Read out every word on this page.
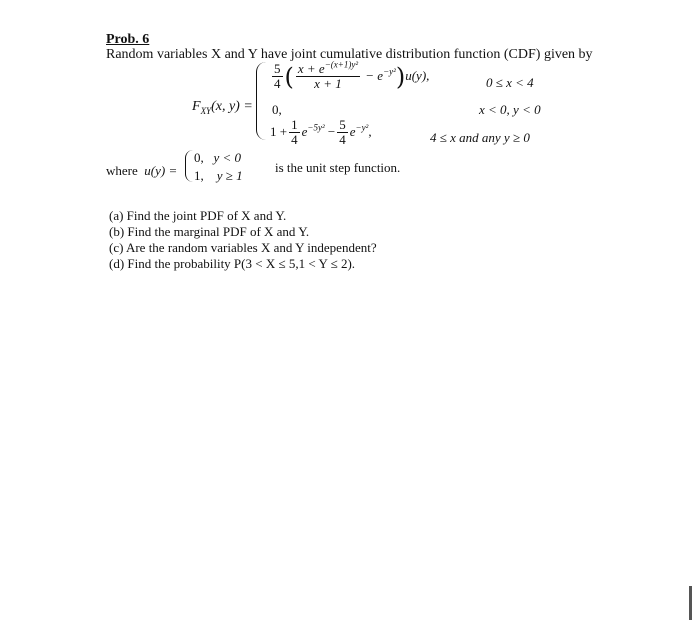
Prob. 6
Random variables X and Y have joint cumulative distribution function (CDF) given by
$F_{XY}(x$, y) =
$\frac{5}{4}$ ( $\frac{x + e^{-(x+1)y^2}}{x + 1} - e^{-y^2})u(y)$,	0 ≤ x < 4
0,	x < 0, y < 0
$1 + \frac{1}{4} e^{-5y^2} - \frac{5}{4} e^{-y^2}$,	4 ≤ x and any y ≥ 0
where u(y) =
0, y < 0
1, y ≥ 1
is the unit step function.
(a) Find the joint PDF of X and Y.
(b) Find the marginal PDF of X and Y.
(c) Are the random variables X and Y independent?
(d) Find the probability P(3 < X ≤ 5,1 < Y ≤ 2).
